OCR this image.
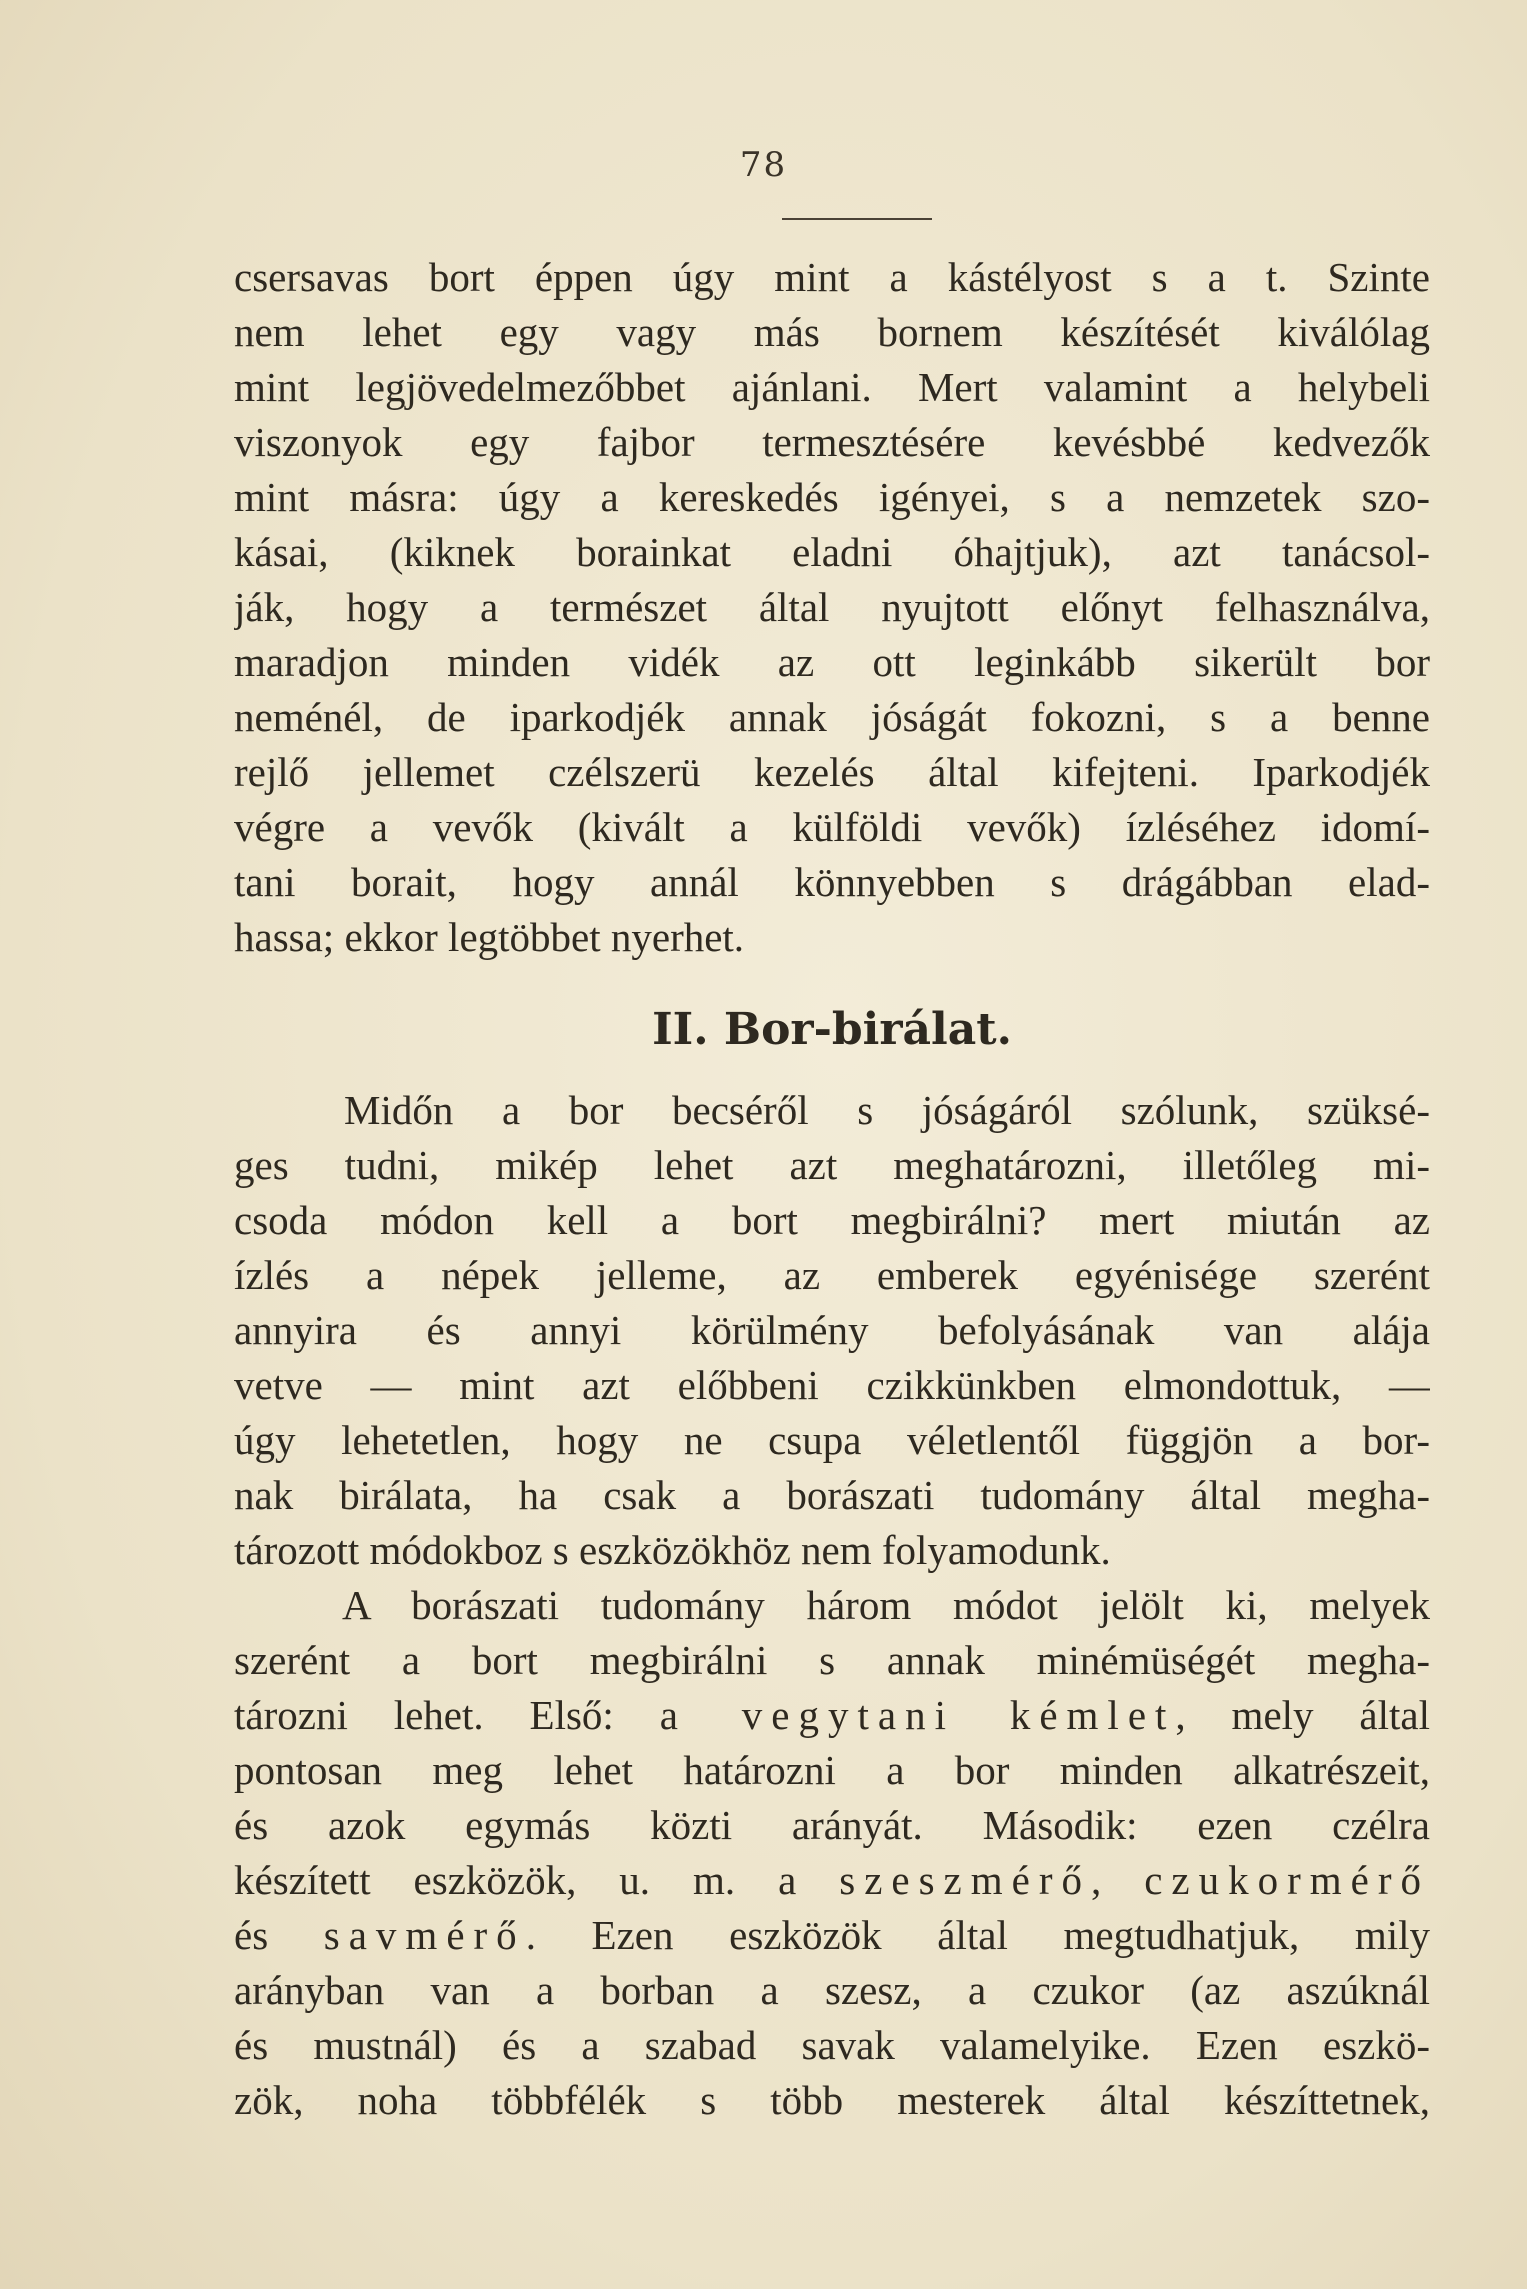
78
csersavas bort éppen úgy mint a kástélyost s a t. Szinte
nem lehet egy vagy más bornem készítését kiválólag
mint legjövedelmezőbbet ajánlani. Mert valamint a helybeli
viszonyok egy fajbor termesztésére kevésbbé kedvezők
mint másra: úgy a kereskedés igényei, s a nemzetek szo-
kásai, (kiknek borainkat eladni óhajtjuk), azt tanácsol-
ják, hogy a természet által nyujtott előnyt felhasználva,
maradjon minden vidék az ott leginkább sikerült bor
neménél, de iparkodjék annak jóságát fokozni, s a benne
rejlő jellemet czélszerü kezelés által kifejteni. Iparkodjék
végre a vevők (kivált a külföldi vevők) ízléséhez idomí-
tani borait, hogy annál könnyebben s drágábban elad-
hassa; ekkor legtöbbet nyerhet.
II. Bor-birálat.
Midőn a bor becséről s jóságáról szólunk, szüksé-
ges tudni, mikép lehet azt meghatározni, illetőleg mi-
csoda módon kell a bort megbirálni? mert miután az
ízlés a népek jelleme, az emberek egyénisége szerént
annyira és annyi körülmény befolyásának van alája
vetve — mint azt előbbeni czikkünkben elmondottuk, —
úgy lehetetlen, hogy ne csupa véletlentől függjön a bor-
nak birálata, ha csak a borászati tudomány által megha-
tározott módokboz s eszközökhöz nem folyamodunk.
A borászati tudomány három módot jelölt ki, melyek
szerént a bort megbirálni s annak minémüségét megha-
tározni lehet. Első: a vegytani kémlet, mely által
pontosan meg lehet határozni a bor minden alkatrészeit,
és azok egymás közti arányát. Második: ezen czélra
készített eszközök, u. m. a szeszmérő, czukormérő
és savmérő. Ezen eszközök által megtudhatjuk, mily
arányban van a borban a szesz, a czukor (az aszúknál
és mustnál) és a szabad savak valamelyike. Ezen eszkö-
zök, noha többfélék s több mesterek által készíttetnek,
